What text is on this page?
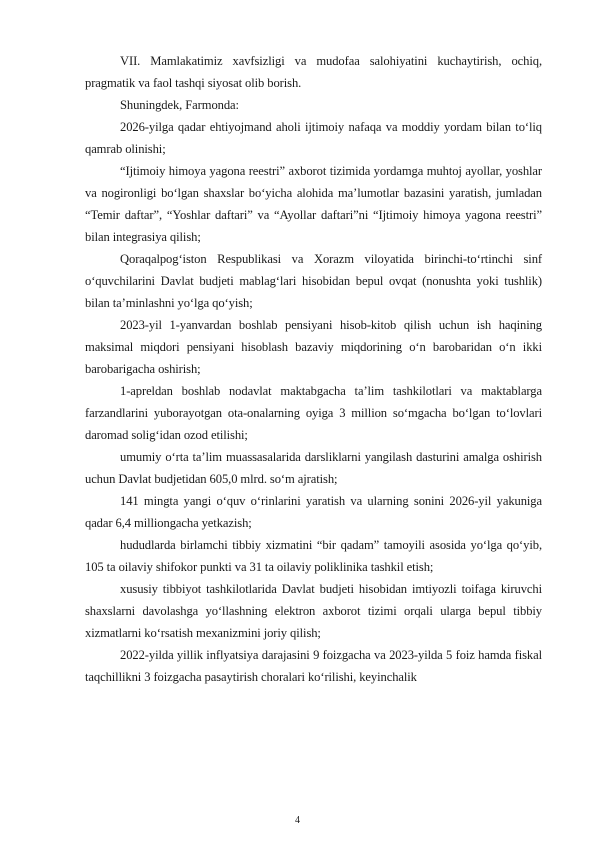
VII. Mamlakatimiz xavfsizligi va mudofaa salohiyatini kuchaytirish, ochiq, pragmatik va faol tashqi siyosat olib borish.

Shuningdek, Farmonda:

2026-yilga qadar ehtiyojmand aholi ijtimoiy nafaqa va moddiy yordam bilan to‘liq qamrab olinishi;

“Ijtimoiy himoya yagona reestri” axborot tizimida yordamga muhtoj ayollar, yoshlar va nogironligi bo‘lgan shaxslar bo‘yicha alohida ma’lumotlar bazasini yaratish, jumladan “Temir daftar”, “Yoshlar daftari” va “Ayollar daftari”ni “Ijtimoiy himoya yagona reestri” bilan integrasiya qilish;

Qoraqalpog‘iston Respublikasi va Xorazm viloyatida birinchi-to‘rtinchi sinf o‘quvchilarini Davlat budjeti mablag‘lari hisobidan bepul ovqat (nonushta yoki tushlik) bilan ta’minlashni yo‘lga qo‘yish;

2023-yil 1-yanvardan boshlab pensiyani hisob-kitob qilish uchun ish haqining maksimal miqdori pensiyani hisoblash bazaviy miqdorining o‘n barobaridan o‘n ikki barobarigacha oshirish;

1-apreldan boshlab nodavlat maktabgacha ta’lim tashkilotlari va maktablarga farzandlarini yuborayotgan ota-onalarning oyiga 3 million so‘mgacha bo‘lgan to‘lovlari daromad solig‘idan ozod etilishi;

umumiy o‘rta ta’lim muassasalarida darsliklarni yangilash dasturini amalga oshirish uchun Davlat budjetidan 605,0 mlrd. so‘m ajratish;

141 mingta yangi o‘quv o‘rinlarini yaratish va ularning sonini 2026-yil yakuniga qadar 6,4 milliongacha yetkazish;

hududlarda birlamchi tibbiy xizmatini “bir qadam” tamoyili asosida yo‘lga qo‘yib, 105 ta oilaviy shifokor punkti va 31 ta oilaviy poliklinika tashkil etish;

xususiy tibbiyot tashkilotlarida Davlat budjeti hisobidan imtiyozli toifaga kiruvchi shaxslarni davolashga yo‘llashning elektron axborot tizimi orqali ularga bepul tibbiy xizmatlarni ko‘rsatish mexanizmini joriy qilish;

2022-yilda yillik inflyatsiya darajasini 9 foizgacha va 2023-yilda 5 foiz hamda fiskal taqchillikni 3 foizgacha pasaytirish choralari ko‘rilishi, keyinchalik

4
